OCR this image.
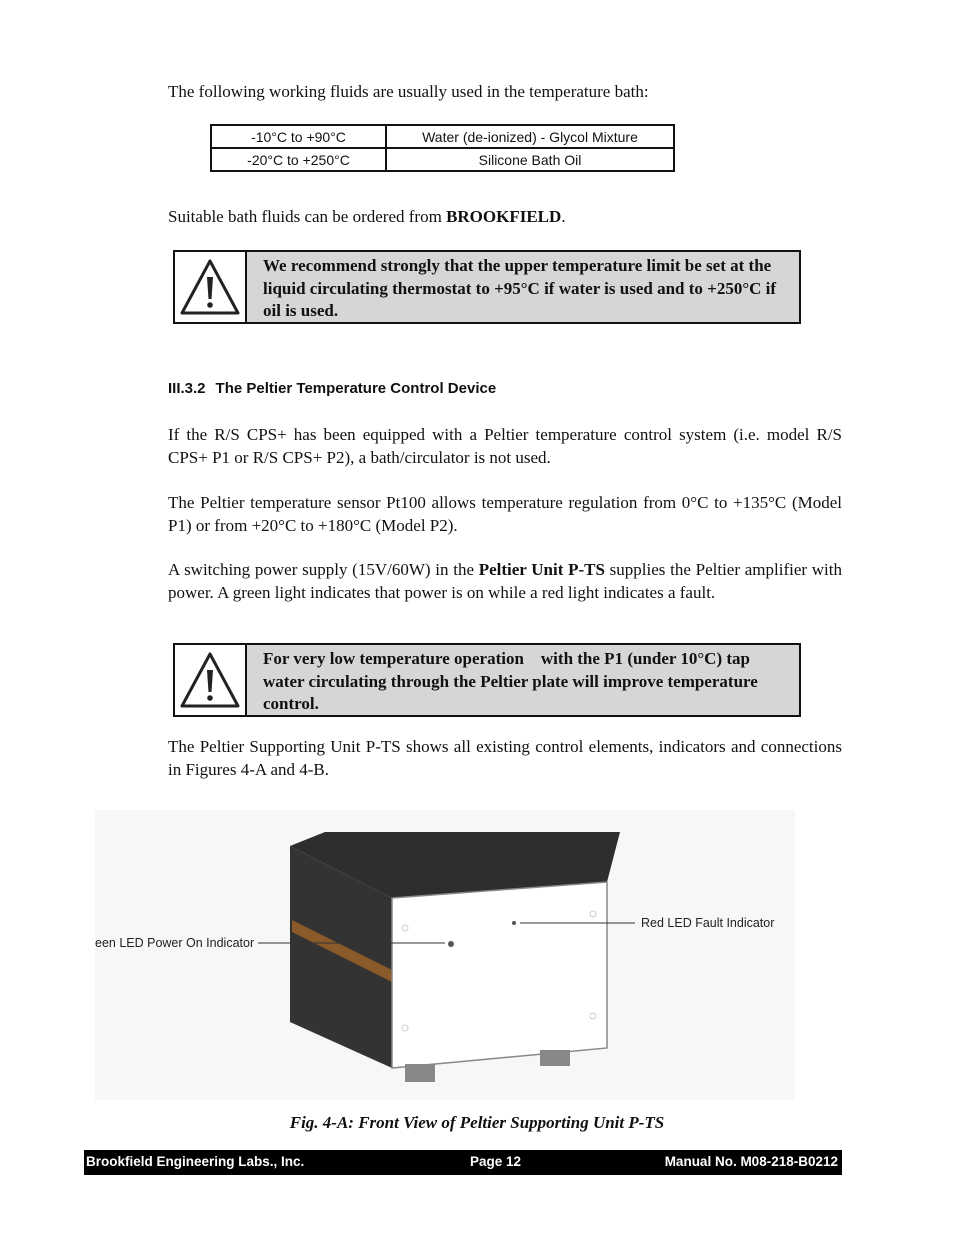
The following working fluids are usually used in the temperature bath:
-10°C to +90°C	Water (de-ionized) - Glycol Mixture
-20°C to +250°C	Silicone Bath Oil
Suitable bath fluids can be ordered from BROOKFIELD.
We recommend strongly that the upper temperature limit be set at the liquid circulating thermostat to +95°C if water is used and to +250°C if oil is used.
III.3.2 The Peltier Temperature Control Device
If the R/S CPS+ has been equipped with a Peltier temperature control system (i.e. model R/S CPS+ P1 or R/S CPS+ P2), a bath/circulator is not used.
The Peltier temperature sensor Pt100 allows temperature regulation from 0°C to +135°C (Model P1) or from +20°C to +180°C (Model P2).
A switching power supply (15V/60W) in the Peltier Unit P-TS supplies the Peltier amplifier with power. A green light indicates that power is on while a red light indicates a fault.
For very low temperature operation    with the P1 (under 10°C) tap water circulating through the Peltier plate will improve temperature control.
The Peltier Supporting Unit P-TS shows all existing control elements, indicators and connections in Figures 4-A and 4-B.
een LED Power On Indicator
Red LED Fault Indicator
Fig. 4-A: Front View of Peltier Supporting Unit P-TS
Brookfield Engineering Labs., Inc.	Page 12	Manual No. M08-218-B0212
